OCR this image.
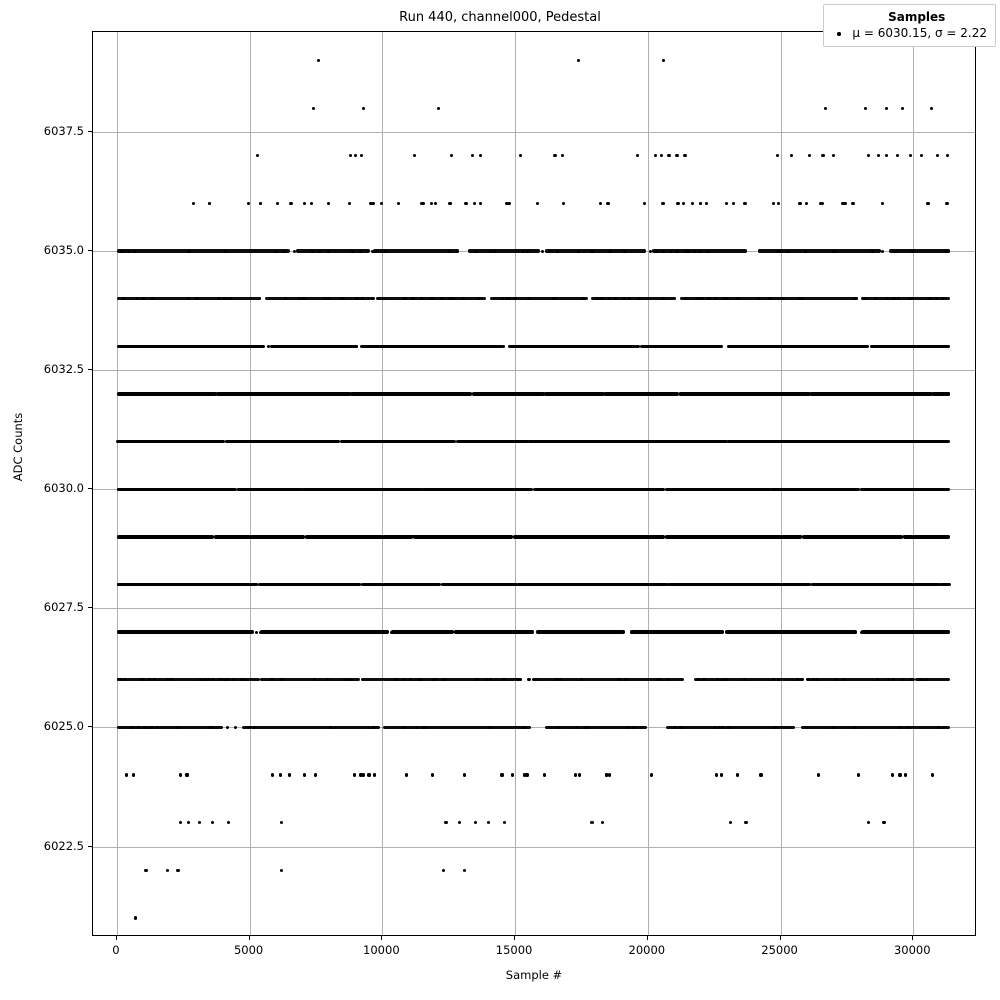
Run 440, channel000, Pedestal
ADC Counts
Sample #
Samples
μ = 6030.15, σ = 2.22
0	5000	10000	15000	20000	25000	30000
6022.5
6025.0
6027.5
6030.0
6032.5
6035.0
6037.5
